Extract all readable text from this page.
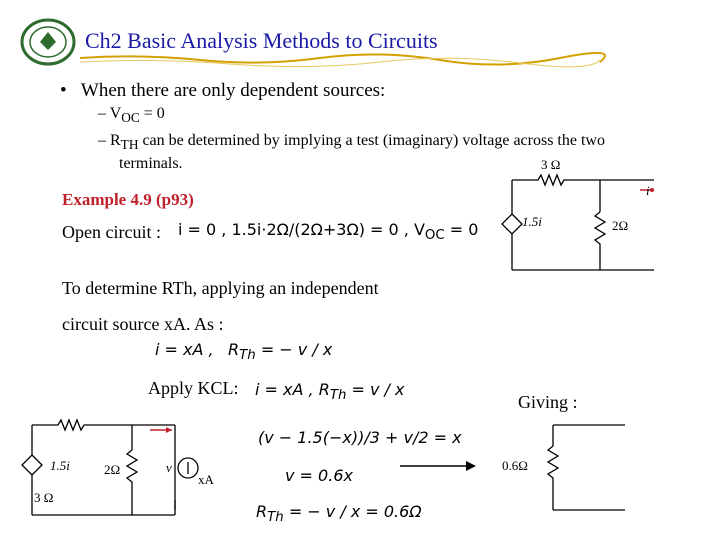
Ch2 Basic Analysis Methods to Circuits
•   When there are only dependent sources:
– $V_{OC} = 0$
– $R_{TH}$ can be determined by implying a test (imaginary) voltage across the two
terminals.
Example 4.9 (p93)
Open circuit : i = 0 , 1.5i·2Ω/(2Ω+3Ω) = 0 , $V_{OC} = 0$
To determine RTh, applying an independent
circuit source xA. As :
i = xA , $R_{Th}$ = − v / x
Apply KCL: i = xA , $R_{Th} = v / x$
(v − 1.5(−x))/3 + v/2 = x
v = 0.6x
$R_{Th}$ = − v / x = 0.6Ω
Giving :
3 Ω
i
1.5i	2Ω
1.5i	2Ω
3 Ω
v
xA
0.6Ω
